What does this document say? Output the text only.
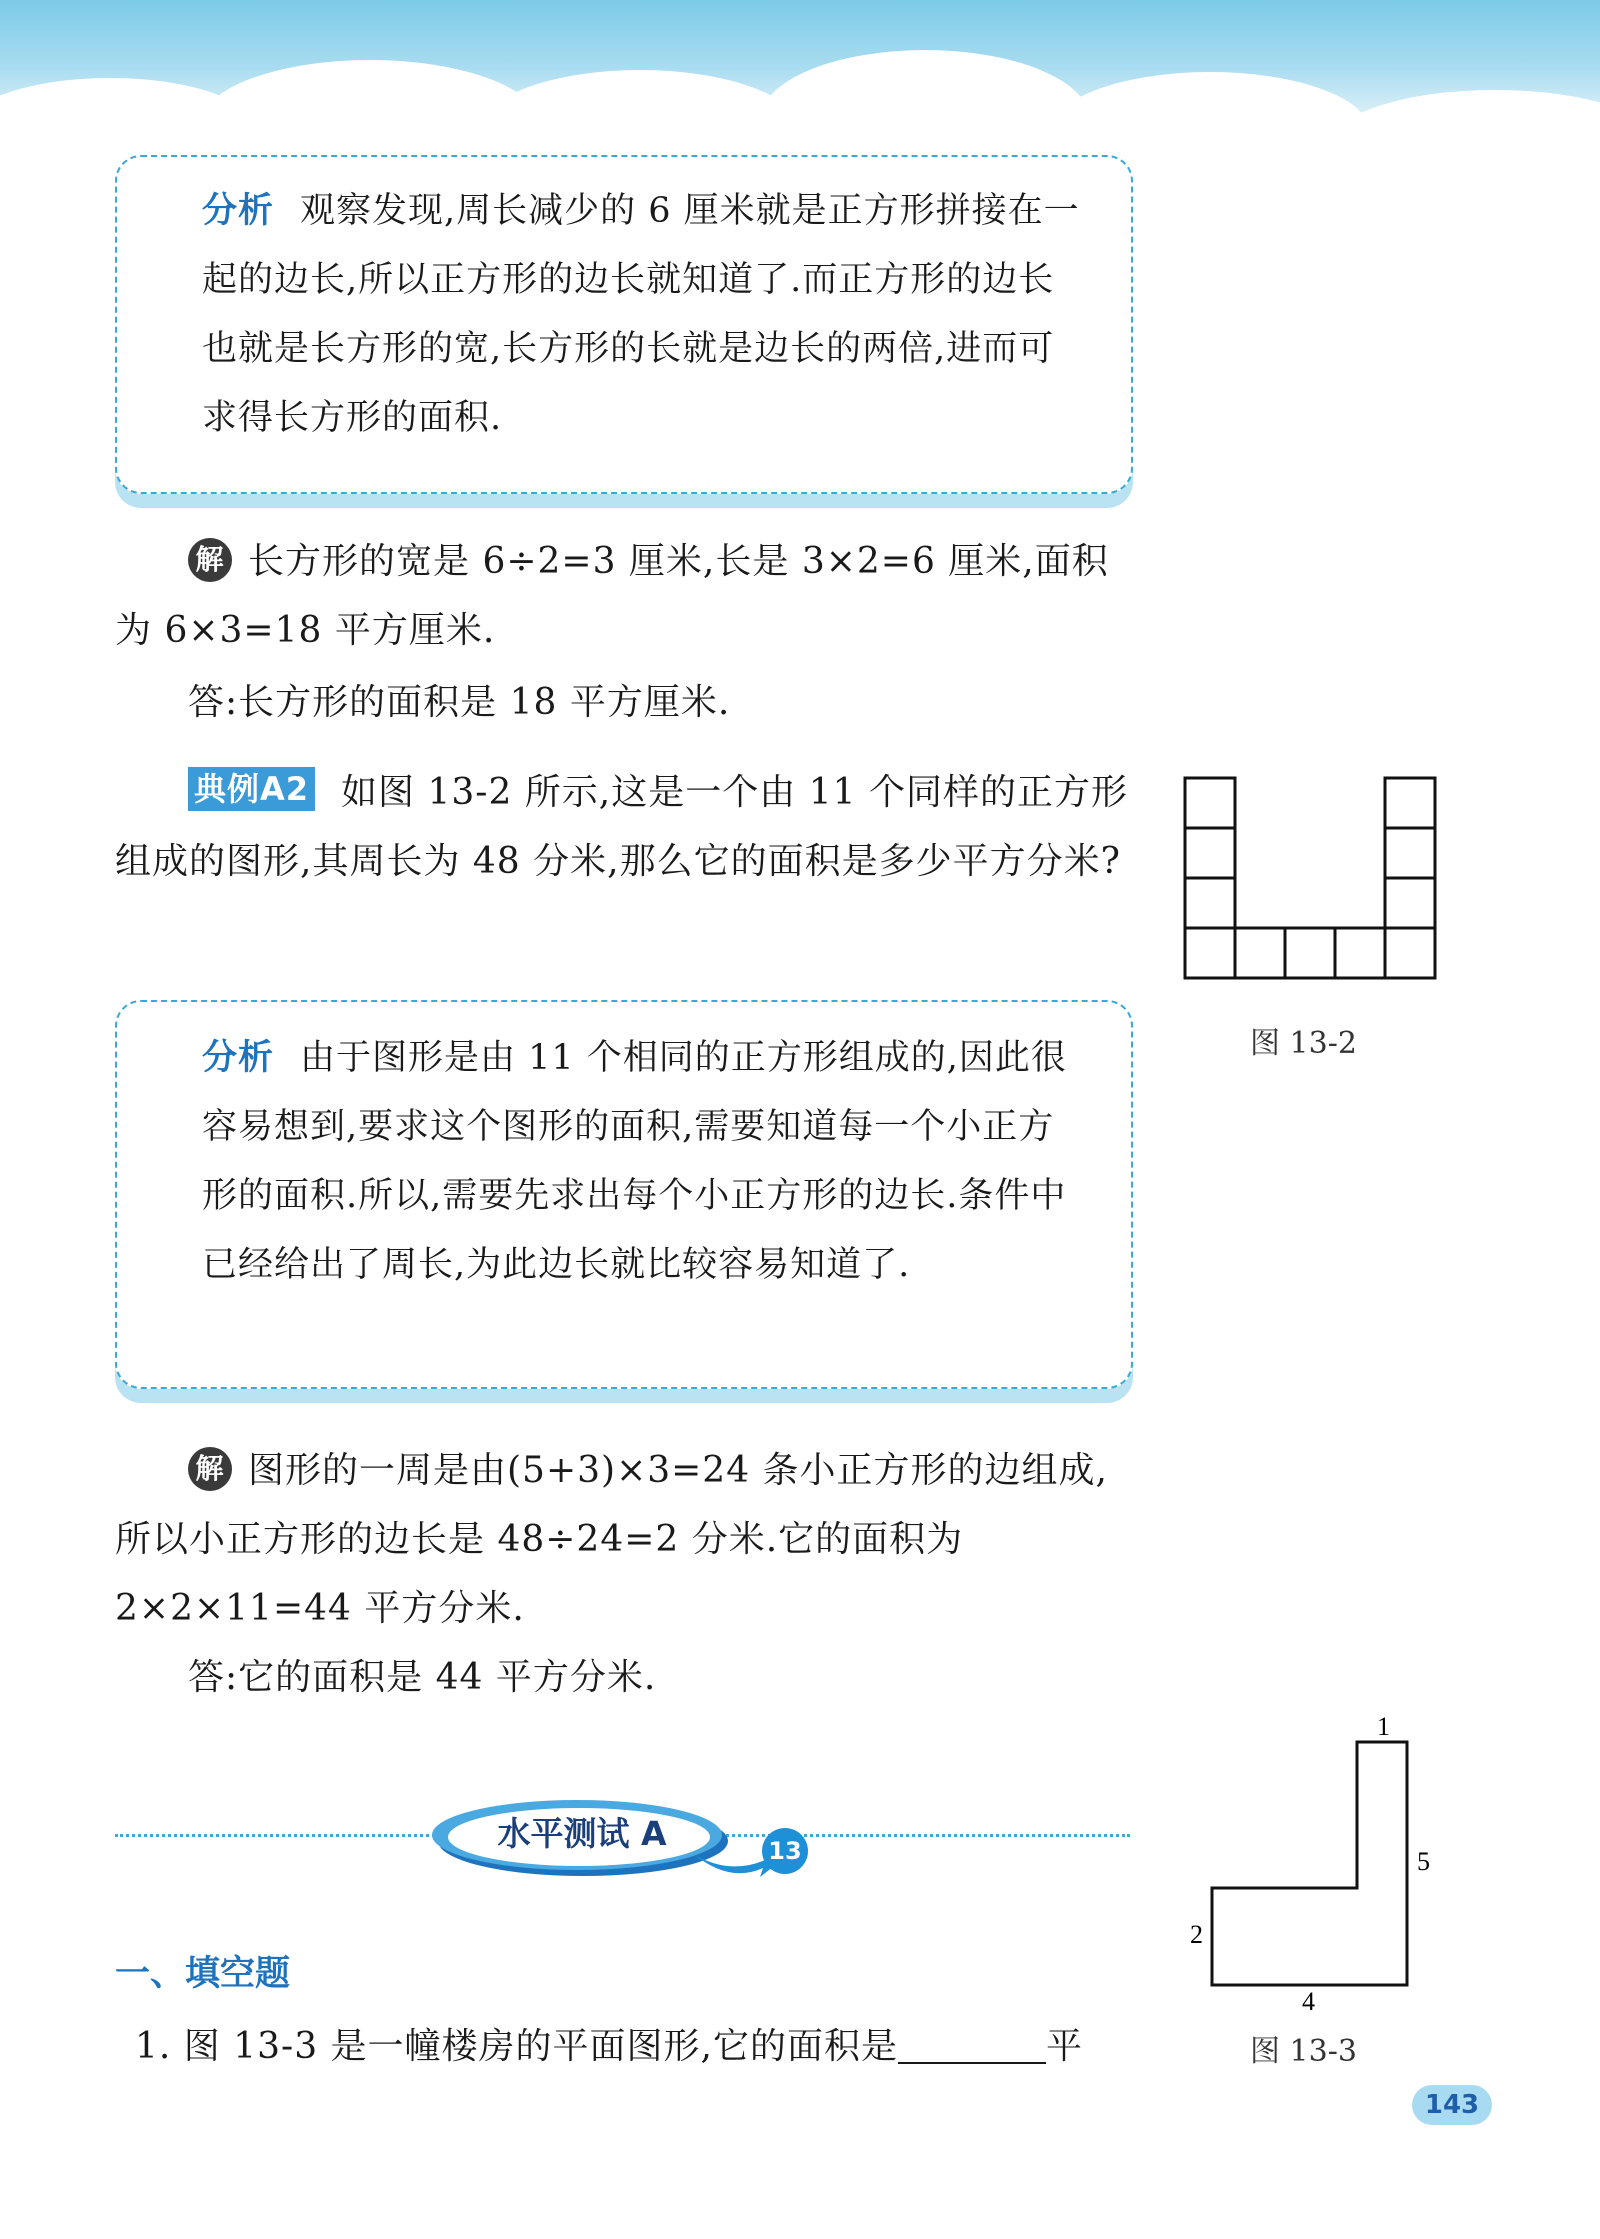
分析 观察发现,周长减少的 6 厘米就是正方形拼接在一起的边长,所以正方形的边长就知道了.而正方形的边长也就是长方形的宽,长方形的长就是边长的两倍,进而可求得长方形的面积.
解 长方形的宽是 6÷2=3 厘米,长是 3×2=6 厘米,面积为 6×3=18 平方厘米.
答:长方形的面积是 18 平方厘米.
典例A2 如图 13-2 所示,这是一个由 11 个同样的正方形组成的图形,其周长为 48 分米,那么它的面积是多少平方分米?
图 13-2
分析 由于图形是由 11 个相同的正方形组成的,因此很容易想到,要求这个图形的面积,需要知道每一个小正方形的面积.所以,需要先求出每个小正方形的边长.条件中已经给出了周长,为此边长就比较容易知道了.
解 图形的一周是由(5+3)×3=24 条小正方形的边组成,所以小正方形的边长是 48÷24=2 分米.它的面积为 2×2×11=44 平方分米.
答:它的面积是 44 平方分米.
水平测试 A	13
一、填空题
1. 图 13-3 是一幢楼房的平面图形,它的面积是	平
1
5
2
4
图 13-3
143
